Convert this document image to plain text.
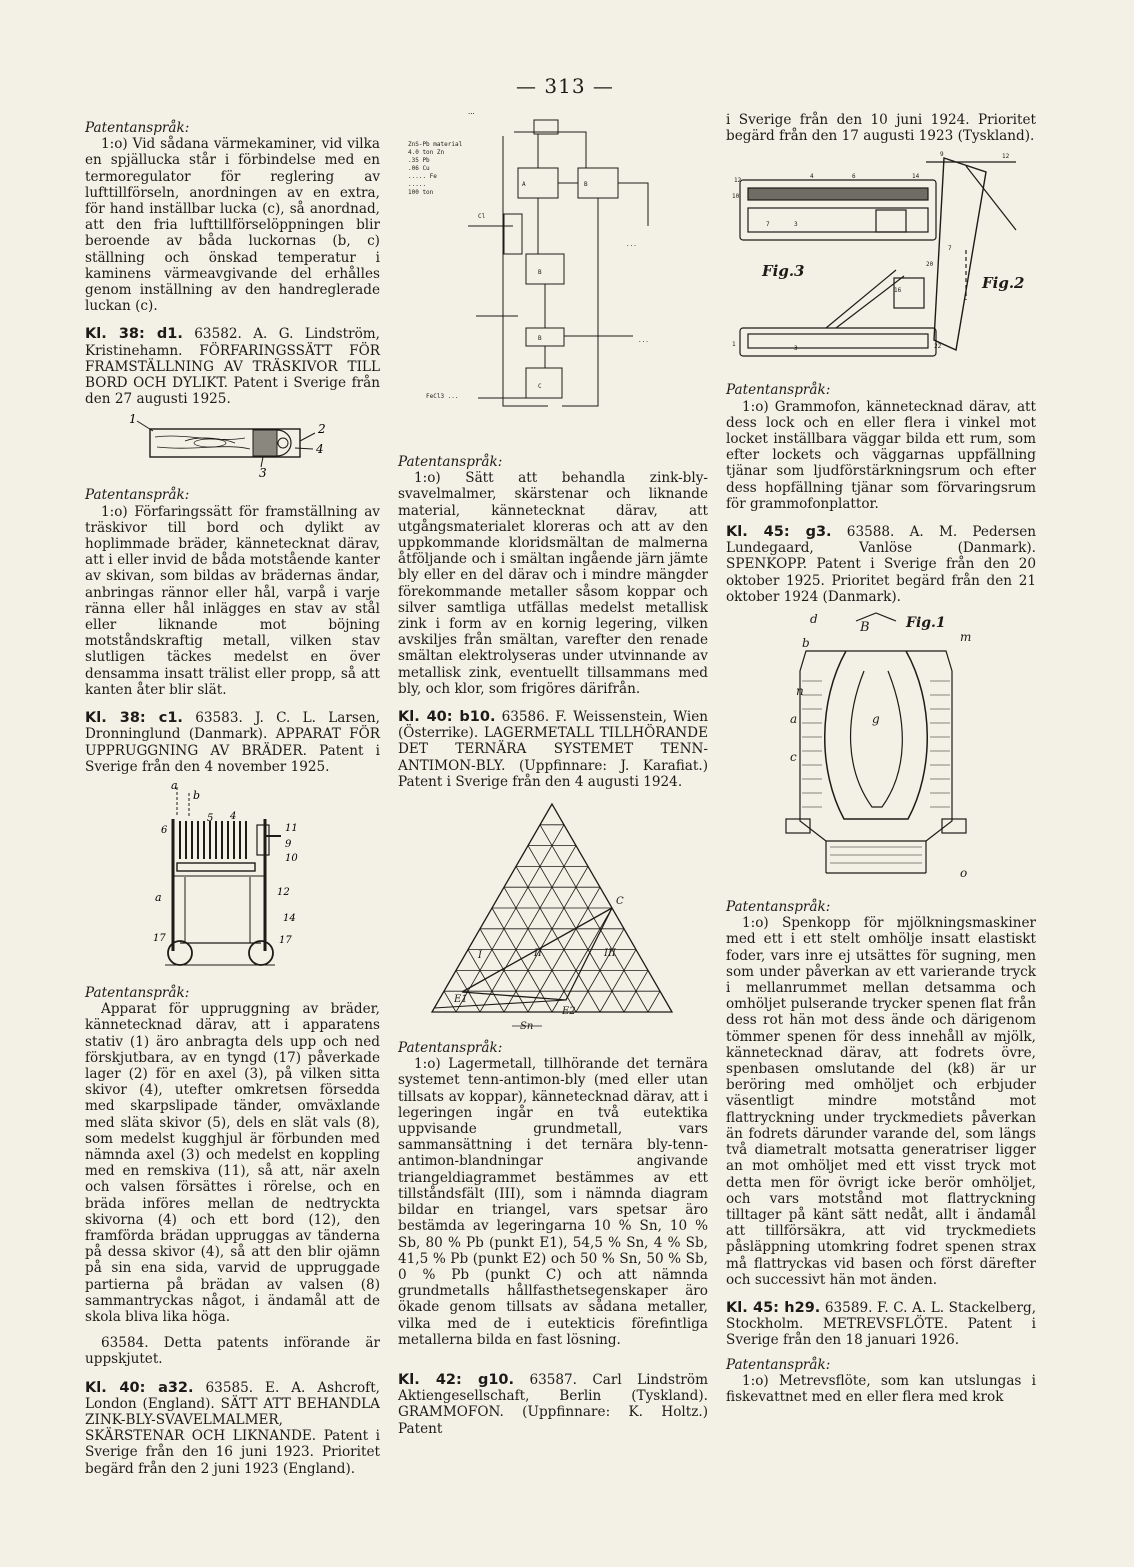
— 313 —

Patentanspråk:

1:o) Vid sådana värmekaminer, vid vilka en spjällucka står i förbindelse med en termoregulator för reglering av lufttillförseln, anordningen av en extra, för hand inställbar lucka (c), så anordnad, att den fria lufttillförselöppningen blir beroende av båda luckornas (b, c) ställning och önskad temperatur i kaminens värmeavgivande del erhålles genom inställning av den handreglerade luckan (c).

Kl. 38: d1. 63582. A. G. Lindström, Kristinehamn. FÖRFARINGSSÄTT FÖR FRAMSTÄLLNING AV TRÄSKIVOR TILL BORD OCH DYLIKT. Patent i Sverige från den 27 augusti 1925.

1
2
3
4

Patentanspråk:

1:o) Förfaringssätt för framställning av träskivor till bord och dylikt av hoplimmade bräder, kännetecknat därav, att i eller invid de båda motstående kanter av skivan, som bildas av brädernas ändar, anbringas rännor eller hål, varpå i varje ränna eller hål inlägges en stav av stål eller liknande mot böjning motståndskraftig metall, vilken stav slutligen täckes medelst en över densamma insatt trälist eller propp, så att kanten åter blir slät.

Kl. 38: c1. 63583. J. C. L. Larsen, Dronninglund (Danmark). APPARAT FÖR UPPRUGGNING AV BRÄDER. Patent i Sverige från den 4 november 1925.

a
b
5 4
6	11
9
10
12
a
14
17	17

Patentanspråk:

Apparat för uppruggning av bräder, kännetecknad därav, att i apparatens stativ (1) äro anbragta dels upp och ned förskjutbara, av en tyngd (17) påverkade lager (2) för en axel (3), på vilken sitta skivor (4), utefter omkretsen försedda med skarpslipade tänder, omväxlande med släta skivor (5), dels en slät vals (8), som medelst kugghjul är förbunden med nämnda axel (3) och medelst en koppling med en remskiva (11), så att, när axeln och valsen försättes i rörelse, och en bräda införes mellan de nedtryckta skivorna (4) och ett bord (12), den framförda brädan uppruggas av tänderna på dessa skivor (4), så att den blir ojämn på sin ena sida, varvid de uppruggade partierna på brädan av valsen (8) sammantryckas något, i ändamål att de skola bliva lika höga.

63584. Detta patents införande är uppskjutet.

Kl. 40: a32. 63585. E. A. Ashcroft, London (England). SÄTT ATT BEHANDLA ZINK-BLY-SVAVELMALMER, SKÄRSTENAR OCH LIKNANDE. Patent i Sverige från den 16 juni 1923. Prioritet begärd från den 2 juni 1923 (England).

ZnS-Pb material
4.0 ton Zn
.35 Pb
.06 Cu
..... Fe
.....
100 ton
A	B
B
B
C
Cl
FeCl3 ...
...
...
...

Patentanspråk:

1:o) Sätt att behandla zink-bly-svavelmalmer, skärstenar och liknande material, kännetecknat därav, att utgångsmaterialet kloreras och att av den uppkommande kloridsmältan de malmerna åtföljande och i smältan ingående järn jämte bly eller en del därav och i mindre mängder förekommande metaller såsom koppar och silver samtliga utfällas medelst metallisk zink i form av en kornig legering, vilken avskiljes från smältan, varefter den renade smältan elektrolyseras under utvinnande av metallisk zink, eventuellt tillsammans med bly, och klor, som frigöres därifrån.

Kl. 40: b10. 63586. F. Weissenstein, Wien (Österrike). LAGERMETALL TILLHÖRANDE DET TERNÄRA SYSTEMET TENN-ANTIMON-BLY. (Uppfinnare: J. Karafiat.) Patent i Sverige från den 4 augusti 1924.

I	II	III
E1
E2
C
Sn

Patentanspråk:

1:o) Lagermetall, tillhörande det ternära systemet tenn-antimon-bly (med eller utan tillsats av koppar), kännetecknad därav, att i legeringen ingår en två eutektika uppvisande grundmetall, vars sammansättning i det ternära bly-tenn-antimon-blandningar angivande triangeldiagrammet bestämmes av ett tillståndsfält (III), som i nämnda diagram bildar en triangel, vars spetsar äro bestämda av legeringarna 10 % Sn, 10 % Sb, 80 % Pb (punkt E1), 54,5 % Sn, 4 % Sb, 41,5 % Pb (punkt E2) och 50 % Sn, 50 % Sb, 0 % Pb (punkt C) och att nämnda grundmetalls hållfasthetsegenskaper äro ökade genom tillsats av sådana metaller, vilka med de i eutekticis förefintliga metallerna bilda en fast lösning.

Kl. 42: g10. 63587. Carl Lindström Aktiengesellschaft, Berlin (Tyskland). GRAMMOFON. (Uppfinnare: K. Holtz.) Patent

i Sverige från den 10 juni 1924. Prioritet begärd från den 17 augusti 1923 (Tyskland).

12
10
7	3
4	6	14
9	12
7
20
16
1
3	22
Fig.3
Fig.2

Patentanspråk:

1:o) Grammofon, kännetecknad därav, att dess lock och en eller flera i vinkel mot locket inställbara väggar bilda ett rum, som efter lockets och väggarnas uppfällning tjänar som ljudförstärkningsrum och efter dess hopfällning tjänar som förvaringsrum för grammofonplattor.

Kl. 45: g3. 63588. A. M. Pedersen Lundegaard, Vanlöse (Danmark). SPENKOPP. Patent i Sverige från den 20 oktober 1925. Prioritet begärd från den 21 oktober 1924 (Danmark).

Fig.1
B
d
b
n
m
a	g
c
o

Patentanspråk:

1:o) Spenkopp för mjölkningsmaskiner med ett i ett stelt omhölje insatt elastiskt foder, vars inre ej utsättes för sugning, men som under påverkan av ett varierande tryck i mellanrummet mellan detsamma och omhöljet pulserande trycker spenen flat från dess rot hän mot dess ände och därigenom tömmer spenen för dess innehåll av mjölk, kännetecknad därav, att fodrets övre, spenbasen omslutande del (k8) är ur beröring med omhöljet och erbjuder väsentligt mindre motstånd mot flattryckning under tryckmediets påverkan än fodrets därunder varande del, som längs två diametralt motsatta generatriser ligger an mot omhöljet med ett visst tryck mot detta men för övrigt icke berör omhöljet, och vars motstånd mot flattryckning tilltager på känt sätt nedåt, allt i ändamål att tillförsäkra, att vid tryckmediets påsläppning utomkring fodret spenen strax må flattryckas vid basen och först därefter och successivt hän mot änden.

Kl. 45: h29. 63589. F. C. A. L. Stackelberg, Stockholm. METREVSFLÖTE. Patent i Sverige från den 18 januari 1926.

Patentanspråk:

1:o) Metrevsflöte, som kan utslungas i fiskevattnet med en eller flera med krok
